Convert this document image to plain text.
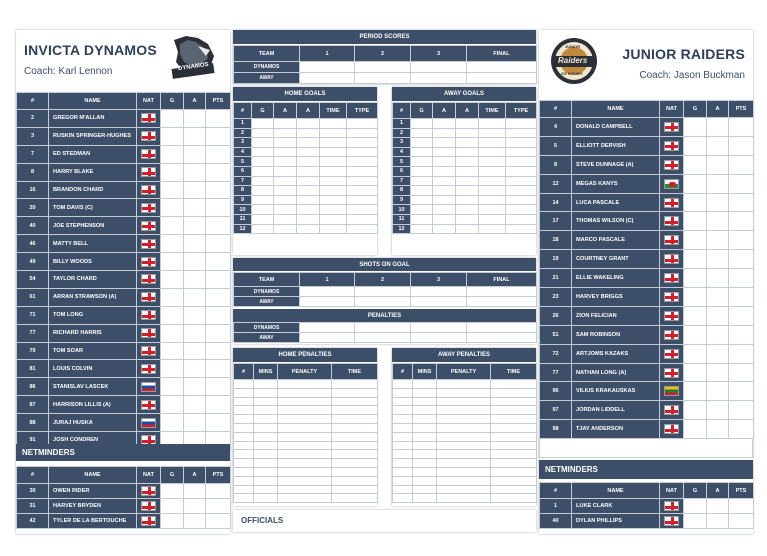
INVICTA DYNAMOS
Coach: Karl Lennon	DYNAMOS
#	NAME	NAT	G	A	PTS
2	GREGOR M'ALLAN				
3	RUSKIN SPRINGER-HUGHES				
7	ED STEDMAN				
8	HARRY BLAKE				
16	BRANDON CHARD				
20	TOM DAVIS (C)				
40	JOE STEPHENSON				
46	MATTY BELL				
49	BILLY WOODS				
54	TAYLOR CHARD				
61	ARRAN STRAWSON (A)				
71	TOM LONG				
77	RICHARD HARRIS				
79	TOM SOAR				
81	LOUIS COLVIN				
86	STANISLAV LASCEK				
87	HARRISON LILLIS (A)				
88	JURAJ HUSKA				
91	JOSH CONDREN				
NETMINDERS
#	NAME	NAT	G	A	PTS
30	OWEN RIDER				
31	HARVEY BRYDEN				
42	TYLER DE LA BERTOUCHE				
PERIOD SCORES
TEAM	1	2	3	FINAL
DYNAMOS				
AWAY				
HOME GOALS
#	G	A	A	TIME	TYPE
1					
2					
3					
4					
5					
6					
7					
8					
9					
10					
11					
12					
AWAY GOALS
#	G	A	A	TIME	TYPE
1					
2					
3					
4					
5					
6					
7					
8					
9					
10					
11					
12					
SHOTS ON GOAL
TEAM	1	2	3	FINAL
DYNAMOS				
AWAY				
PENALTIES
DYNAMOS				
AWAY				
HOME PENALTIES
#	MINS	PENALTY	TIME

AWAY PENALTIES
#	MINS	PENALTY	TIME

OFFICIALS
Raiders
JUNIOR
ICE HOCKEY
JUNIOR RAIDERS
Coach: Jason Buckman
#	NAME	NAT	G	A	PTS
4	DONALD CAMPBELL				
5	ELLIOTT DERVISH				
8	STEVE DUNNAGE (A)				
12	MEGAS KANYS				
14	LUCA PASCALE				
17	THOMAS WILSON (C)				
18	MARCO PASCALE				
19	COURTNEY GRANT				
21	ELLIE WAKELING				
23	HARVEY BRIGGS				
26	ZION FELICIAN				
51	SAM ROBINSON				
72	ARTJOMS KAZAKS				
77	NATHAN LONG (A)				
96	VILIUS KRAKAUSKAS				
97	JORDAN LIDDELL				
98	TJAY ANDERSON				
NETMINDERS
#	NAME	NAT	G	A	PTS
1	LUKE CLARK				
40	DYLAN PHILLIPS				
